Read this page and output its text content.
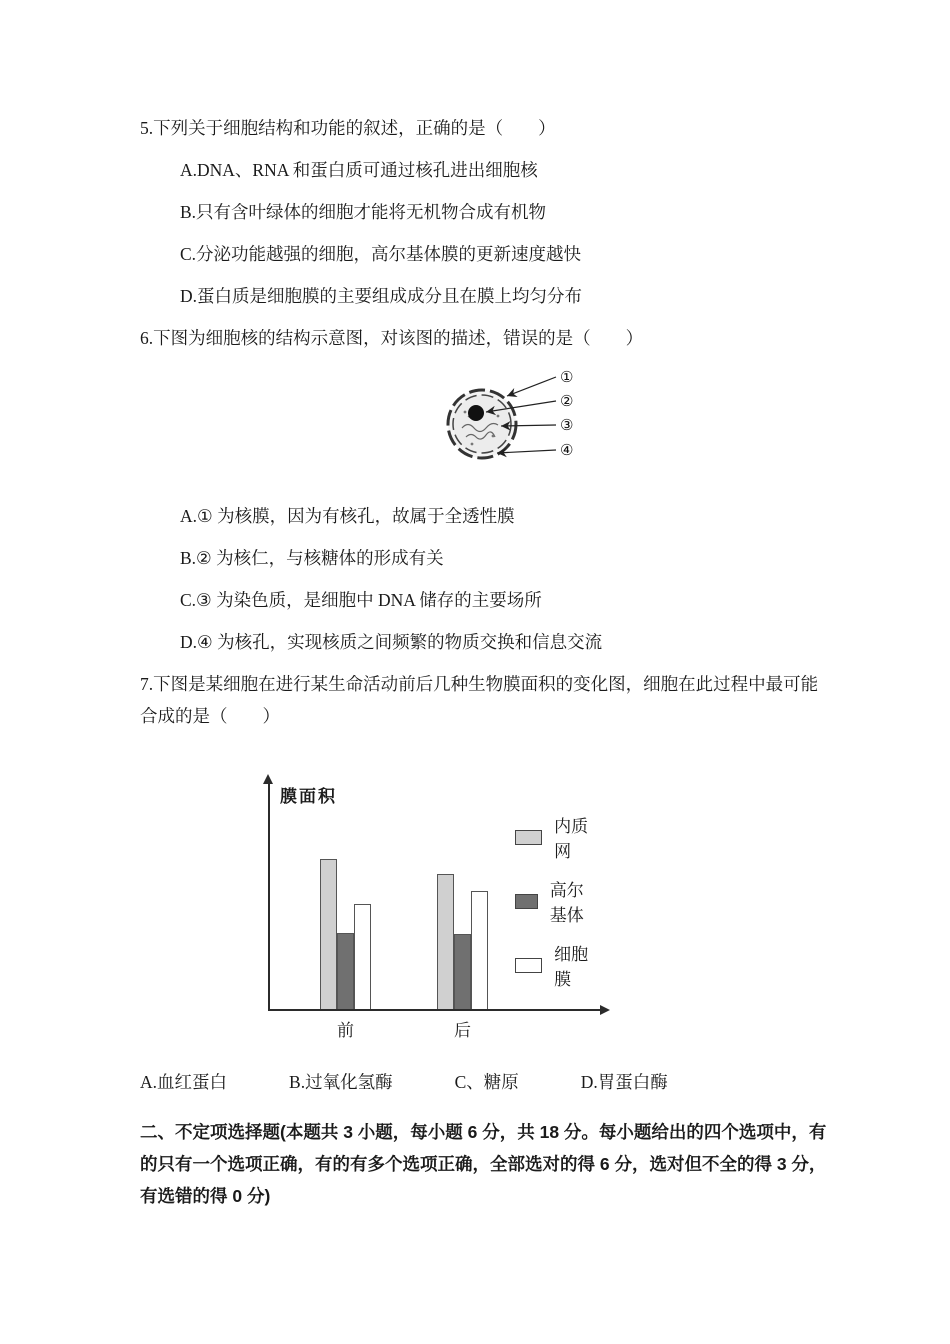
5.下列关于细胞结构和功能的叙述，正确的是（　　）

A.DNA、RNA 和蛋白质可通过核孔进出细胞核

B.只有含叶绿体的细胞才能将无机物合成有机物

C.分泌功能越强的细胞，高尔基体膜的更新速度越快

D.蛋白质是细胞膜的主要组成成分且在膜上均匀分布

6.下图为细胞核的结构示意图，对该图的描述，错误的是（　　）

①
②
③
④

A.① 为核膜，因为有核孔，故属于全透性膜

B.② 为核仁，与核糖体的形成有关

C.③ 为染色质，是细胞中 DNA 储存的主要场所

D.④ 为核孔，实现核质之间频繁的物质交换和信息交流

7.下图是某细胞在进行某生命活动前后几种生物膜面积的变化图，细胞在此过程中最可能合成的是（　　）

膜面积
前	后
内质网
高尔基体
细胞膜
A.血红蛋白	B.过氧化氢酶	C、糖原	D.胃蛋白酶

二、不定项选择题(本题共 3 小题，每小题 6 分，共 18 分。每小题给出的四个选项中，有的只有一个选项正确，有的有多个选项正确，全部选对的得 6 分，选对但不全的得 3 分，有选错的得 0 分)
